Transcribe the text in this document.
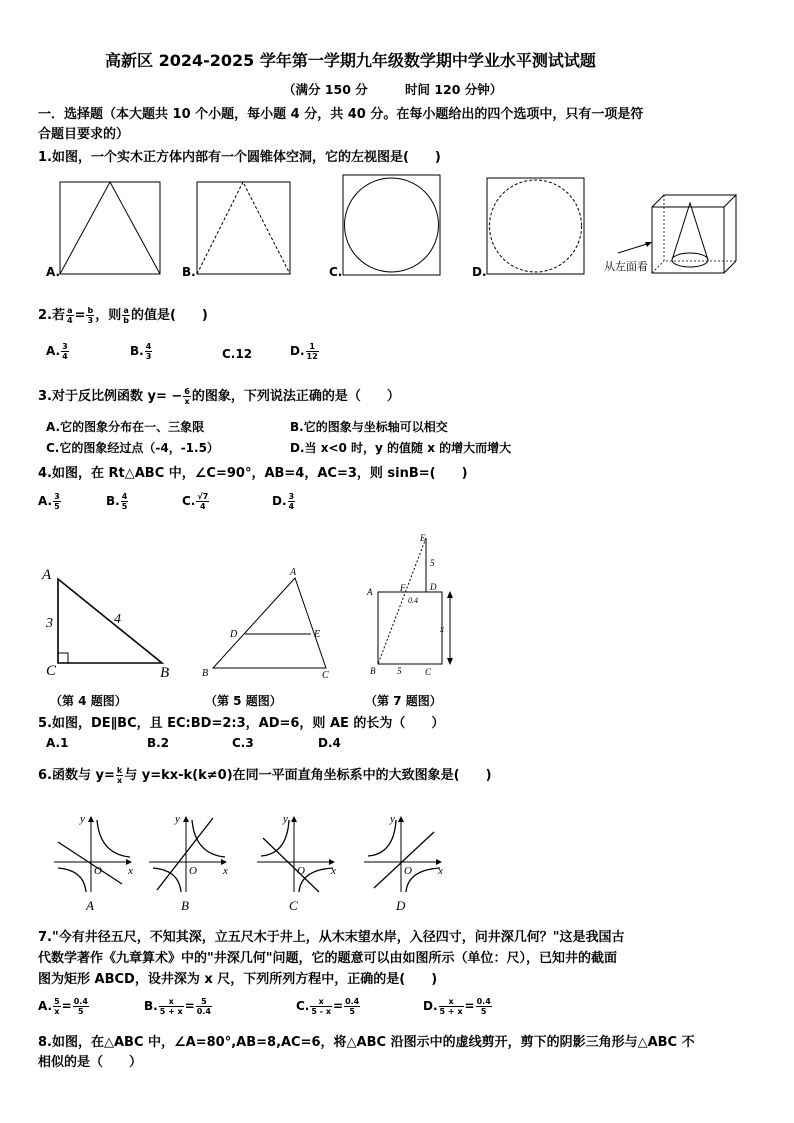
高新区 2024-2025 学年第一学期九年级数学期中学业水平测试试题
（满分 150 分	时间 120 分钟）
一．选择题（本大题共 10 个小题，每小题 4 分，共 40 分。在每小题给出的四个选项中，只有一项是符
合题目要求的）
1.如图，一个实木正方体内部有一个圆锥体空洞，它的左视图是(　　)
A.	B.	C.	D.	从左面看
2.若 $\frac{a}{4} = \frac{b}{3}$ ，则 $\frac{a}{b}$ 的值是(　　)
A. $\frac{3}{4}$	B. $\frac{4}{3}$	C.12	D. $\frac{1}{12}$
3.对于反比例函数 $y= - \frac{6}{x}$ 的图象，下列说法正确的是（　　）
A.它的图象分布在一、三象限	B.它的图象与坐标轴可以相交
C.它的图象经过点（-4，-1.5）	D.当 x<0 时，y 的值随 x 的增大而增大
4.如图，在 Rt△ABC 中，∠C=90°，AB=4，AC=3，则 sinB=(　　)
A. $\frac{3}{5}$	B. $\frac{4}{5}$	C. $\frac{√7}{4}$	D. $\frac{3}{4}$
A
C	B
3	4
A
D	E
B	C
E
5
A	F	D
0.4
x
B 5	C
（第 4 题图）	（第 5 题图）	（第 7 题图）
5.如图，DE∥BC，且 EC:BD=2:3，AD=6，则 AE 的长为（　　）
A.1	B.2	C.3	D.4
6.函数与 $y= \frac{k}{x}$ 与 y=kx-k(k≠0)在同一平面直角坐标系中的大致图象是(　　)
y
x
O
A
y
x
O
B
y
x
O
C
y
x
O
D
7."今有井径五尺，不知其深，立五尺木于井上，从木末望水岸，入径四寸，问井深几何？"这是我国古
代数学著作《九章算术》中的"井深几何"问题，它的题意可以由如图所示（单位：尺），已知井的截面
图为矩形 ABCD，设井深为 x 尺，下列所列方程中，正确的是(　　)
A. $\frac{5}{x} = \frac{0.4}{5}$	B. $\frac{x}{5 + x} = \frac{5}{0.4}$	C. $\frac{x}{5 - x} = \frac{0.4}{5}$	D. $\frac{x}{5 + x} = \frac{0.4}{5}$
8.如图，在△ABC 中，∠A=80°,AB=8,AC=6，将△ABC 沿图示中的虚线剪开，剪下的阴影三角形与△ABC 不
相似的是（　　）
